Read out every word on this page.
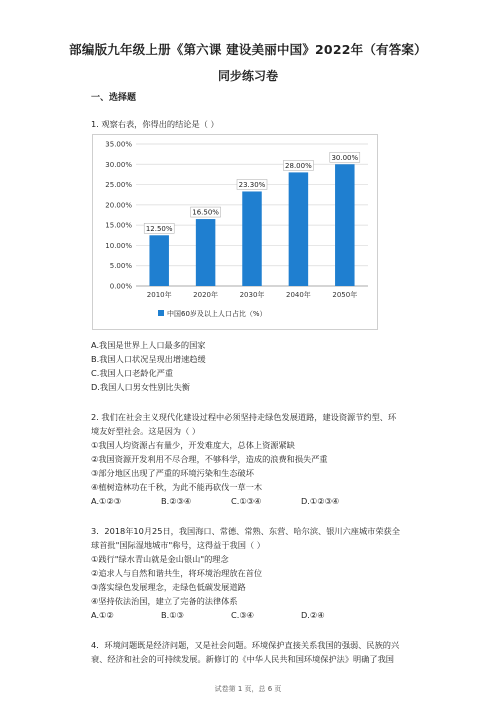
部编版九年级上册《第六课 建设美丽中国》2022年（有答案）
同步练习卷
一、选择题
1. 观察右表，你得出的结论是（ ）
0.00%
5.00%
10.00%
15.00%
20.00%
25.00%
30.00%
35.00%
12.50%
16.50%
23.30%
28.00%
30.00%
2010年	2020年	2030年	2040年	2050年
中国60岁及以上人口占比（%）
A.我国是世界上人口最多的国家
B.我国人口状况呈现出增速趋缓
C.我国人口老龄化严重
D.我国人口男女性别比失衡
2. 我们在社会主义现代化建设过程中必须坚持走绿色发展道路，建设资源节约型、环
境友好型社会。这是因为（ ）
①我国人均资源占有量少，开发难度大，总体上资源紧缺
②我国资源开发利用不尽合理，不够科学，造成的浪费和损失严重
③部分地区出现了严重的环境污染和生态破坏
④植树造林功在千秋，为此不能再砍伐一草一木
A.①②③	B.②③④	C.①③④	D.①②③④
3．2018年10月25日，我国海口、常德、常熟、东营、哈尔滨、银川六座城市荣获全
球首批"国际湿地城市"称号，这得益于我国（ ）
①践行"绿水青山就是金山银山"的理念
②追求人与自然和谐共生，将环境治理放在首位
③落实绿色发展理念，走绿色低碳发展道路
④坚持依法治国，建立了完备的法律体系
A.①②	B.①③	C.③④	D.②④
4．环境问题既是经济问题，又是社会问题。环境保护直接关系我国的强弱、民族的兴
衰、经济和社会的可持续发展。新修订的《中华人民共和国环境保护法》明确了我国
试卷第 1 页，总 6 页
